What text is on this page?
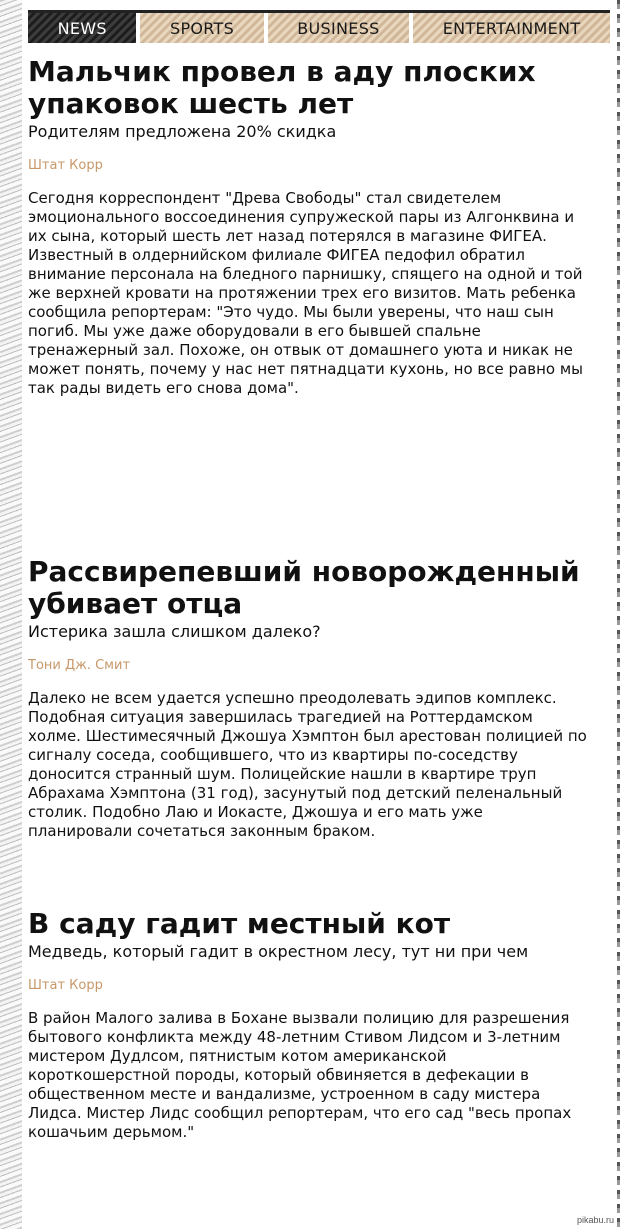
NEWS	SPORTS	BUSINESS	ENTERTAINMENT
Мальчик провел в аду плоских упаковок шесть лет

Родителям предложена 20% скидка

Штат Корр

Сегодня корреспондент "Древа Свободы" стал свидетелем эмоционального воссоединения супружеской пары из Алгонквина и их сына, который шесть лет назад потерялся в магазине ФИГЕА. Известный в олдернийском филиале ФИГЕА педофил обратил внимание персонала на бледного парнишку, спящего на одной и той же верхней кровати на протяжении трех его визитов. Мать ребенка сообщила репортерам: "Это чудо. Мы были уверены, что наш сын погиб. Мы уже даже оборудовали в его бывшей спальне тренажерный зал. Похоже, он отвык от домашнего уюта и никак не может понять, почему у нас нет пятнадцати кухонь, но все равно мы так рады видеть его снова дома".

Рассвирепевший новорожденный убивает отца

Истерика зашла слишком далеко?

Тони Дж. Смит

Далеко не всем удается успешно преодолевать эдипов комплекс. Подобная ситуация завершилась трагедией на Роттердамском холме. Шестимесячный Джошуа Хэмптон был арестован полицией по сигналу соседа, сообщившего, что из квартиры по-соседству доносится странный шум. Полицейские нашли в квартире труп Абрахама Хэмптона (31 год), засунутый под детский пеленальный столик. Подобно Лаю и Иокасте, Джошуа и его мать уже планировали сочетаться законным браком.

В саду гадит местный кот

Медведь, который гадит в окрестном лесу, тут ни при чем

Штат Корр

В район Малого залива в Бохане вызвали полицию для разрешения бытового конфликта между 48-летним Стивом Лидсом и 3-летним мистером Дудлсом, пятнистым котом американской короткошерстной породы, который обвиняется в дефекации в общественном месте и вандализме, устроенном в саду мистера Лидса. Мистер Лидс сообщил репортерам, что его сад "весь пропах кошачьим дерьмом."

pikabu.ru
